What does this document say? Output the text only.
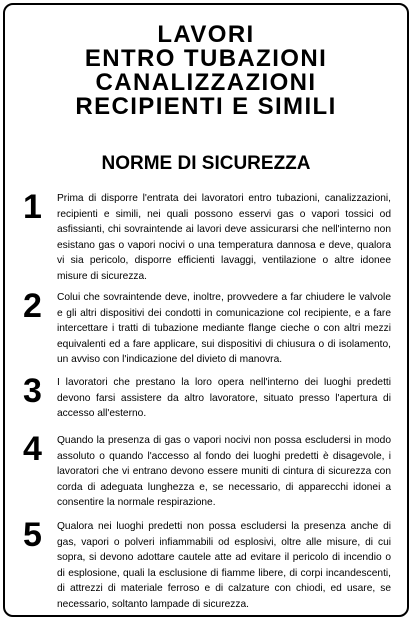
LAVORI
ENTRO TUBAZIONI
CANALIZZAZIONI
RECIPIENTI E SIMILI
NORME DI SICUREZZA
1 Prima di disporre l'entrata dei lavoratori entro tubazioni, canalizzazioni, recipienti e simili, nei quali possono esservi gas o vapori tossici od asfissianti, chi sovraintende ai lavori deve assicurarsi che nell'interno non esistano gas o vapori nocivi o una temperatura dannosa e deve, qualora vi sia pericolo, disporre efficienti lavaggi, ventilazione o altre idonee misure di sicurezza.
2 Colui che sovraintende deve, inoltre, provvedere a far chiudere le valvole e gli altri dispositivi dei condotti in comunicazione col recipiente, e a fare intercettare i tratti di tubazione mediante flange cieche o con altri mezzi equivalenti ed a fare applicare, sui dispositivi di chiusura o di isolamento, un avviso con l'indicazione del divieto di manovra.
3 I lavoratori che prestano la loro opera nell'interno dei luoghi predetti devono farsi assistere da altro lavoratore, situato presso l'apertura di accesso all'esterno.
4 Quando la presenza di gas o vapori nocivi non possa escludersi in modo assoluto o quando l'accesso al fondo dei luoghi predetti è disagevole, i lavoratori che vi entrano devono essere muniti di cintura di sicurezza con corda di adeguata lunghezza e, se necessario, di apparecchi idonei a consentire la normale respirazione.
5 Qualora nei luoghi predetti non possa escludersi la presenza anche di gas, vapori o polveri infiammabili od esplosivi, oltre alle misure, di cui sopra, si devono adottare cautele atte ad evitare il pericolo di incendio o di esplosione, quali la esclusione di fiamme libere, di corpi incandescenti, di attrezzi di materiale ferroso e di calzature con chiodi, ed usare, se necessario, soltanto lampade di sicurezza.
